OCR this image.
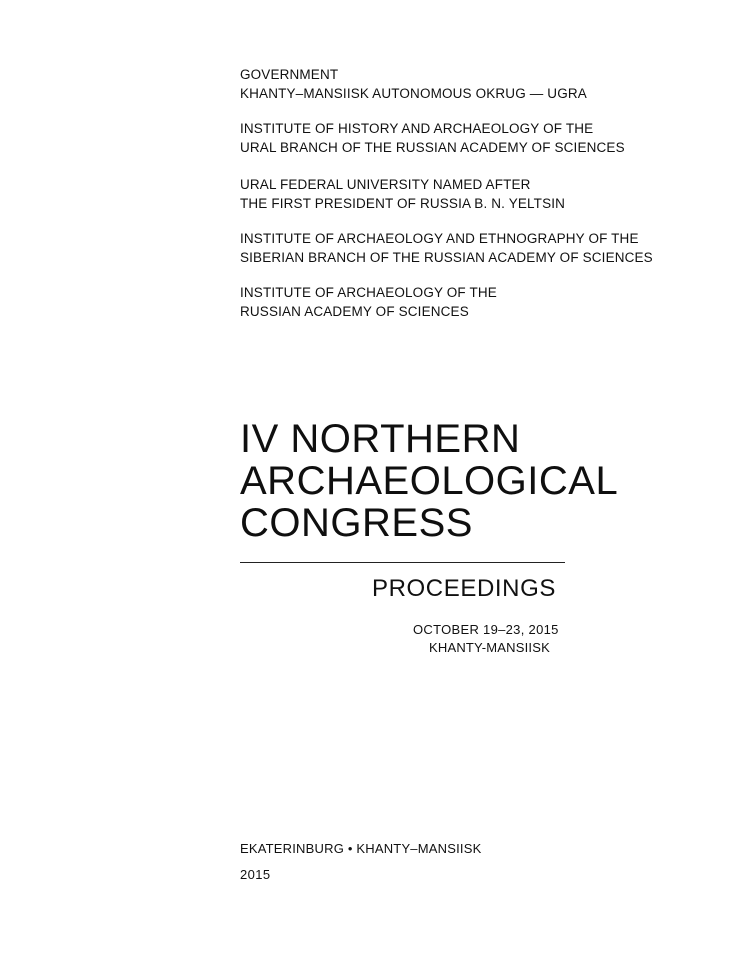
GOVERNMENT
KHANTY–MANSIISK AUTONOMOUS OKRUG — UGRA
INSTITUTE OF HISTORY AND ARCHAEOLOGY OF THE
URAL BRANCH OF THE RUSSIAN ACADEMY OF SCIENCES
URAL FEDERAL UNIVERSITY NAMED AFTER
THE FIRST PRESIDENT OF RUSSIA B. N. YELTSIN
INSTITUTE OF ARCHAEOLOGY AND ETHNOGRAPHY OF THE
SIBERIAN BRANCH OF THE RUSSIAN ACADEMY OF SCIENCES
INSTITUTE OF ARCHAEOLOGY OF THE
RUSSIAN ACADEMY OF SCIENCES
IV NORTHERN
ARCHAEOLOGICAL
CONGRESS
PROCEEDINGS
OCTOBER 19–23, 2015
KHANTY-MANSIISK
EKATERINBURG • KHANTY–MANSIISK
2015
